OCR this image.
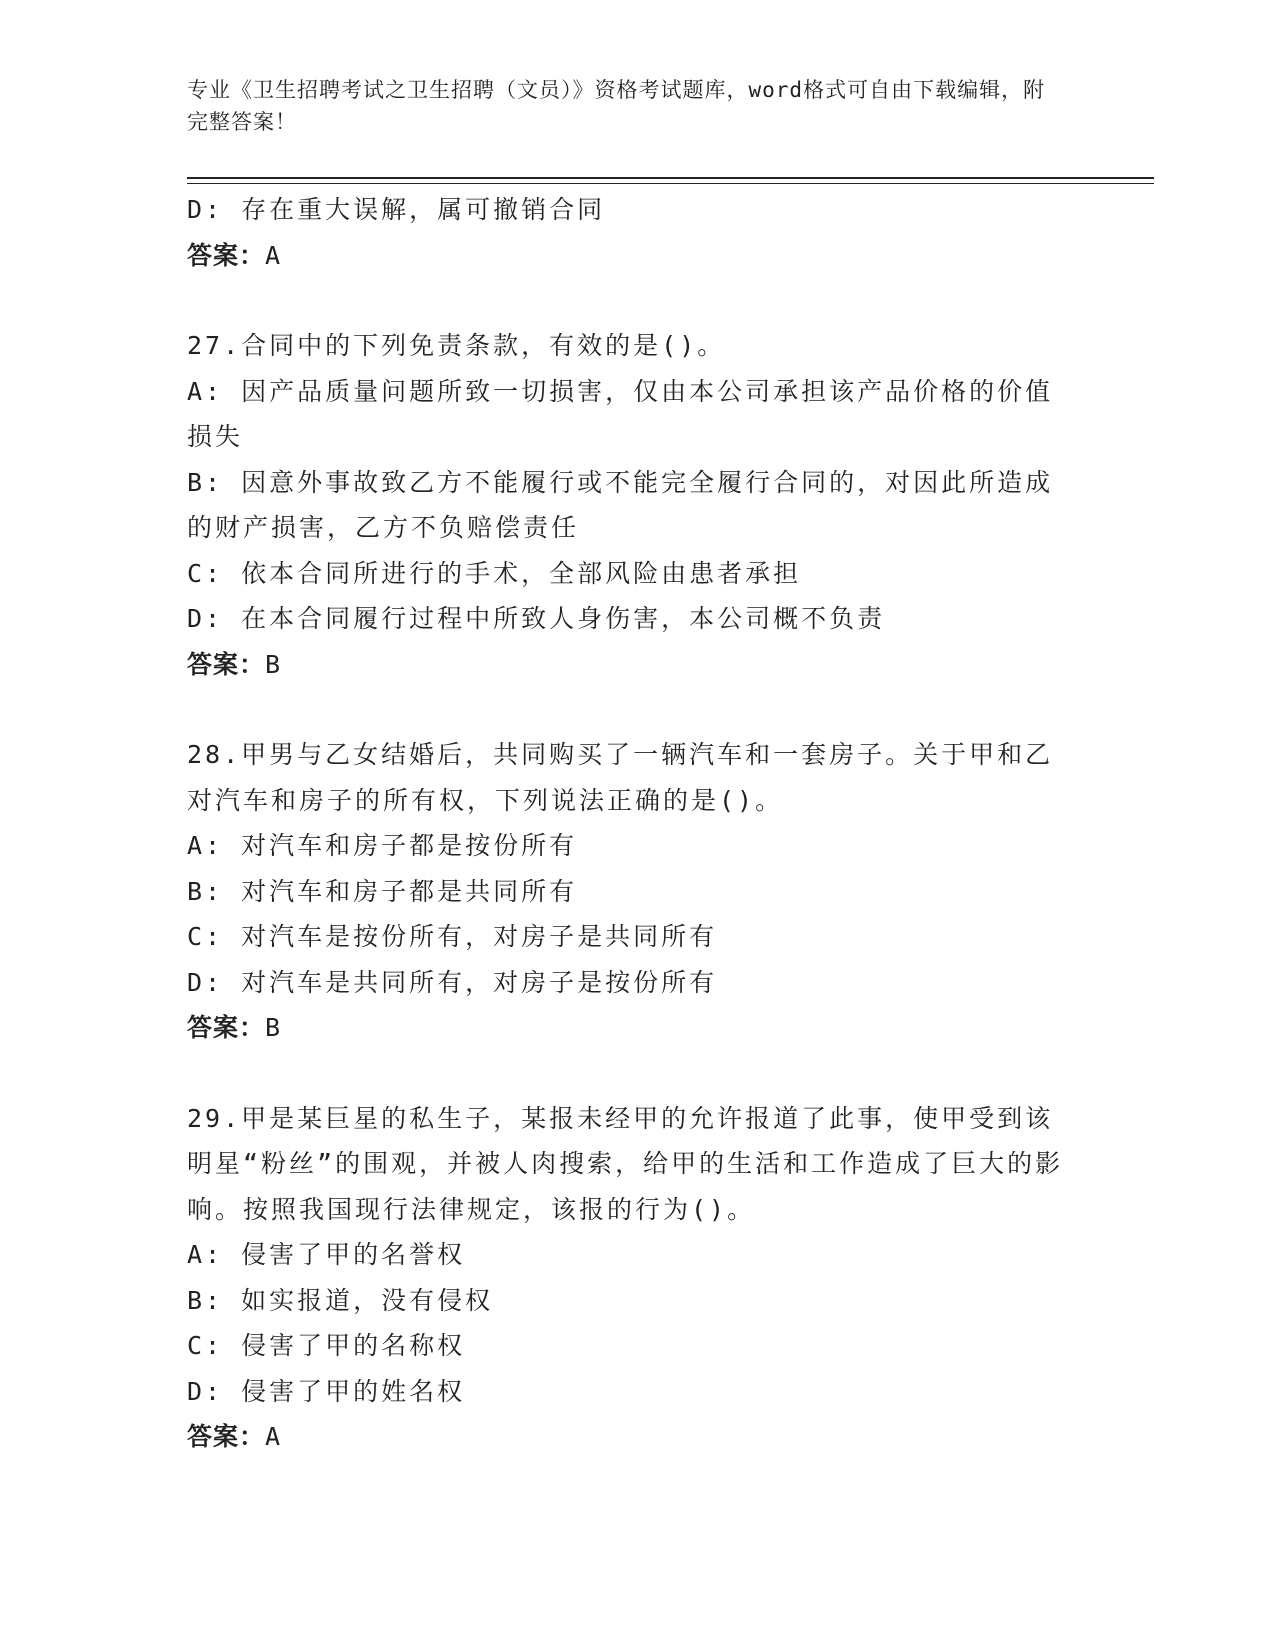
专业《卫生招聘考试之卫生招聘（文员）》资格考试题库，word格式可自由下载编辑，附完整答案！
D: 存在重大误解，属可撤销合同
答案：A
27.合同中的下列免责条款，有效的是()。
A: 因产品质量问题所致一切损害，仅由本公司承担该产品价格的价值损失
B: 因意外事故致乙方不能履行或不能完全履行合同的，对因此所造成的财产损害，乙方不负赔偿责任
C: 依本合同所进行的手术，全部风险由患者承担
D: 在本合同履行过程中所致人身伤害，本公司概不负责
答案：B
28.甲男与乙女结婚后，共同购买了一辆汽车和一套房子。关于甲和乙对汽车和房子的所有权，下列说法正确的是()。
A: 对汽车和房子都是按份所有
B: 对汽车和房子都是共同所有
C: 对汽车是按份所有，对房子是共同所有
D: 对汽车是共同所有，对房子是按份所有
答案：B
29.甲是某巨星的私生子，某报未经甲的允许报道了此事，使甲受到该明星“粉丝”的围观，并被人肉搜索，给甲的生活和工作造成了巨大的影响。按照我国现行法律规定，该报的行为()。
A: 侵害了甲的名誉权
B: 如实报道，没有侵权
C: 侵害了甲的名称权
D: 侵害了甲的姓名权
答案：A
